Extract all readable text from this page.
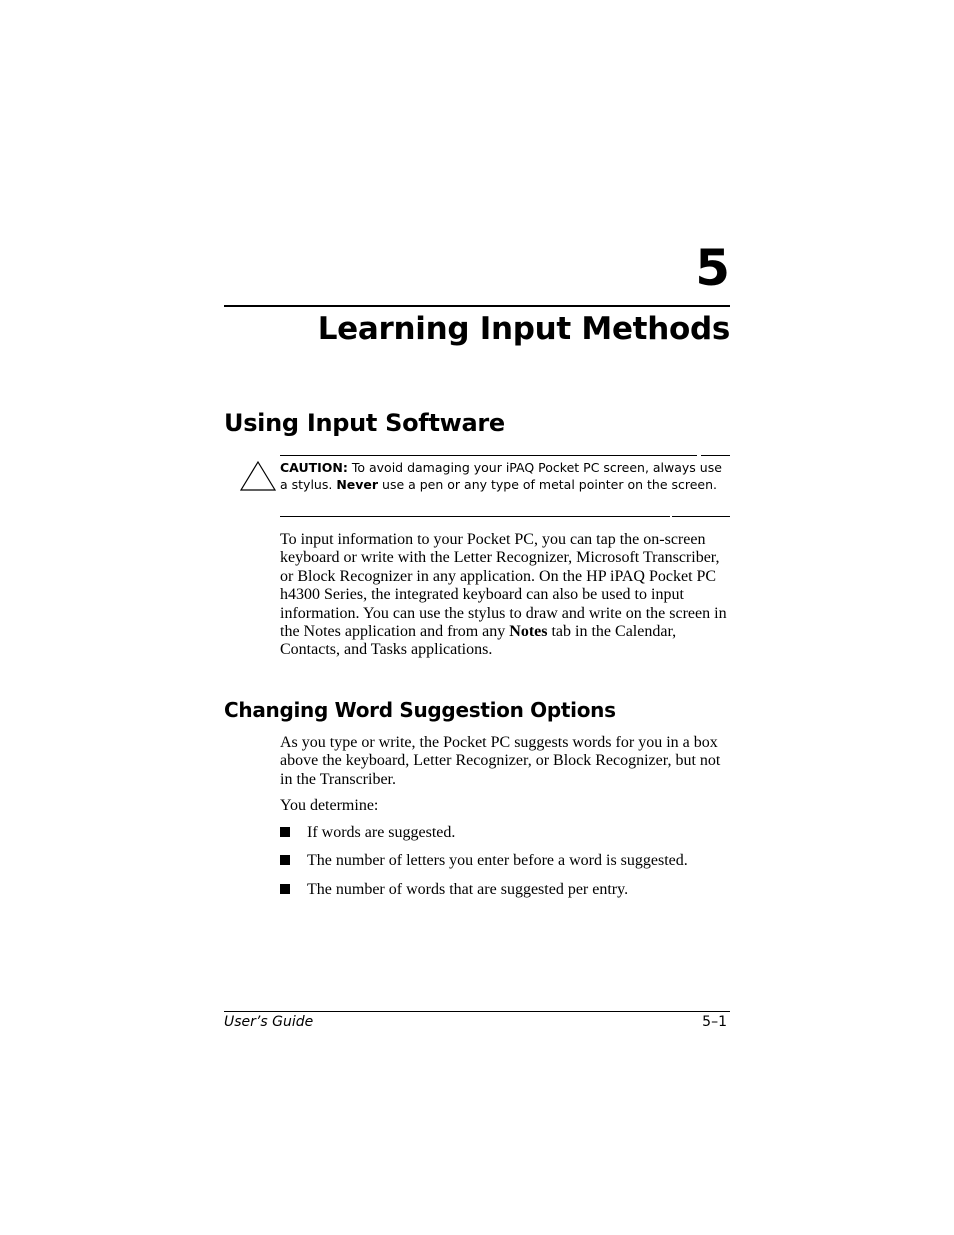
5
Learning Input Methods
Using Input Software
CAUTION: To avoid damaging your iPAQ Pocket PC screen, always use a stylus. Never use a pen or any type of metal pointer on the screen.
To input information to your Pocket PC, you can tap the on-screen keyboard or write with the Letter Recognizer, Microsoft Transcriber, or Block Recognizer in any application. On the HP iPAQ Pocket PC h4300 Series, the integrated keyboard can also be used to input information. You can use the stylus to draw and write on the screen in the Notes application and from any Notes tab in the Calendar, Contacts, and Tasks applications.
Changing Word Suggestion Options
As you type or write, the Pocket PC suggests words for you in a box above the keyboard, Letter Recognizer, or Block Recognizer, but not in the Transcriber.
You determine:
If words are suggested.
The number of letters you enter before a word is suggested.
The number of words that are suggested per entry.
User’s Guide	5–1
